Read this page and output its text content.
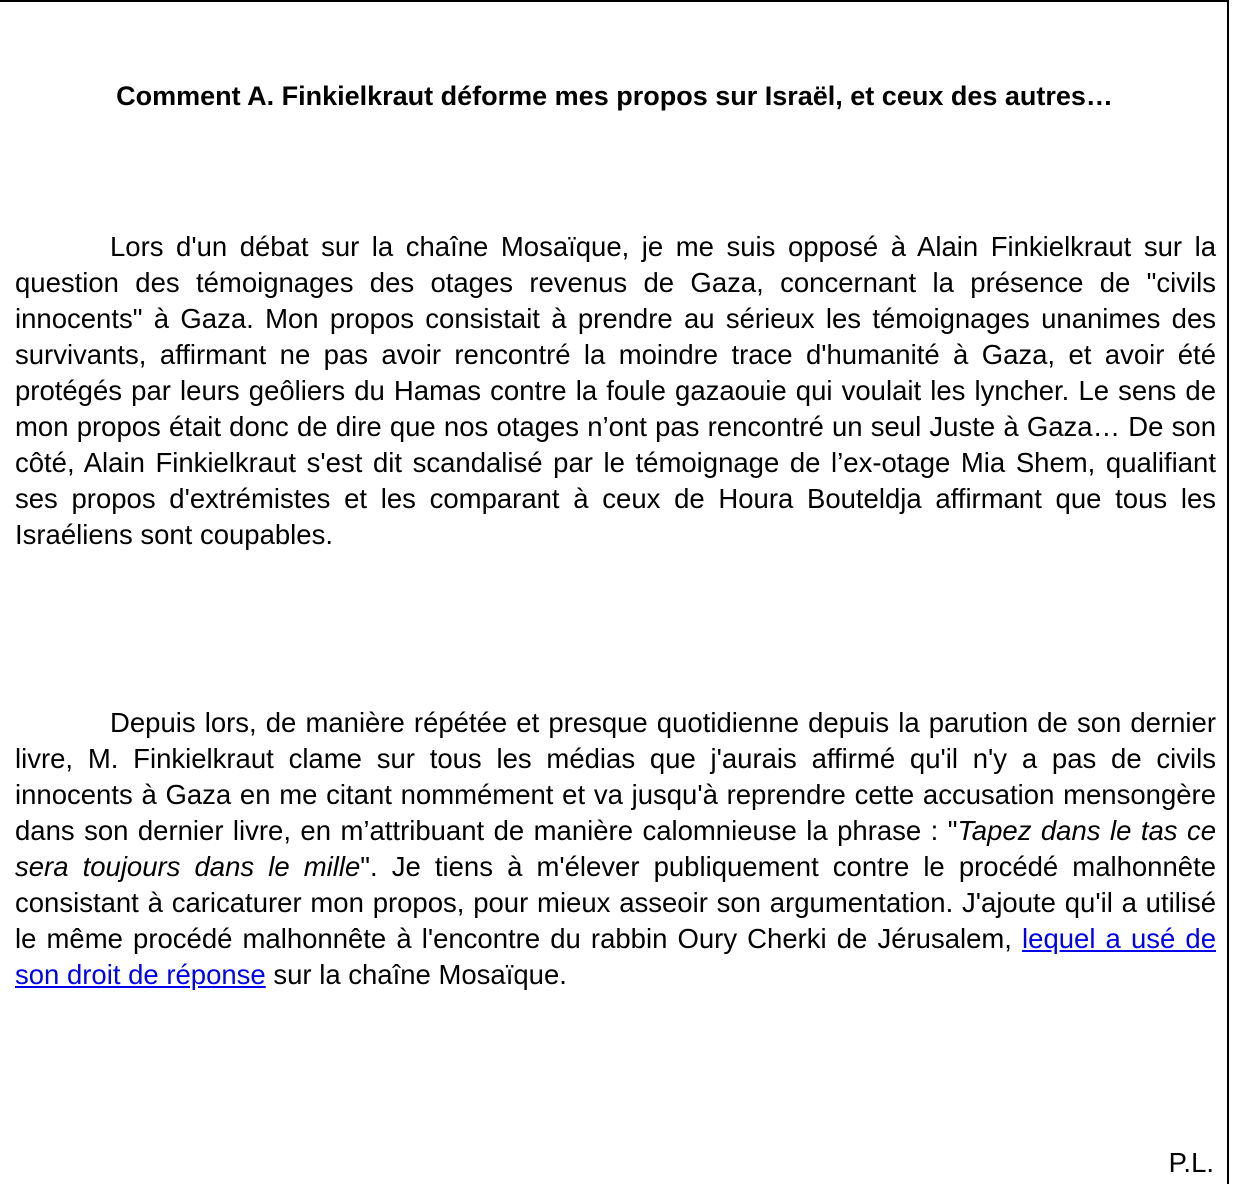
Comment A. Finkielkraut déforme mes propos sur Israël, et ceux des autres…

Lors d'un débat sur la chaîne Mosaïque, je me suis opposé à Alain Finkielkraut sur la question des témoignages des otages revenus de Gaza, concernant la présence de "civils innocents" à Gaza. Mon propos consistait à prendre au sérieux les témoignages unanimes des survivants, affirmant ne pas avoir rencontré la moindre trace d'humanité à Gaza, et avoir été protégés par leurs geôliers du Hamas contre la foule gazaouie qui voulait les lyncher. Le sens de mon propos était donc de dire que nos otages n’ont pas rencontré un seul Juste à Gaza… De son côté, Alain Finkielkraut s'est dit scandalisé par le témoignage de l’ex-otage Mia Shem, qualifiant ses propos d'extrémistes et les comparant à ceux de Houra Bouteldja affirmant que tous les Israéliens sont coupables.

Depuis lors, de manière répétée et presque quotidienne depuis la parution de son dernier livre, M. Finkielkraut clame sur tous les médias que j'aurais affirmé qu'il n'y a pas de civils innocents à Gaza en me citant nommément et va jusqu'à reprendre cette accusation mensongère dans son dernier livre, en m’attribuant de manière calomnieuse la phrase : "Tapez dans le tas ce sera toujours dans le mille". Je tiens à m'élever publiquement contre le procédé malhonnête consistant à caricaturer mon propos, pour mieux asseoir son argumentation. J'ajoute qu'il a utilisé le même procédé malhonnête à l'encontre du rabbin Oury Cherki de Jérusalem, lequel a usé de son droit de réponse sur la chaîne Mosaïque.

P.L.
